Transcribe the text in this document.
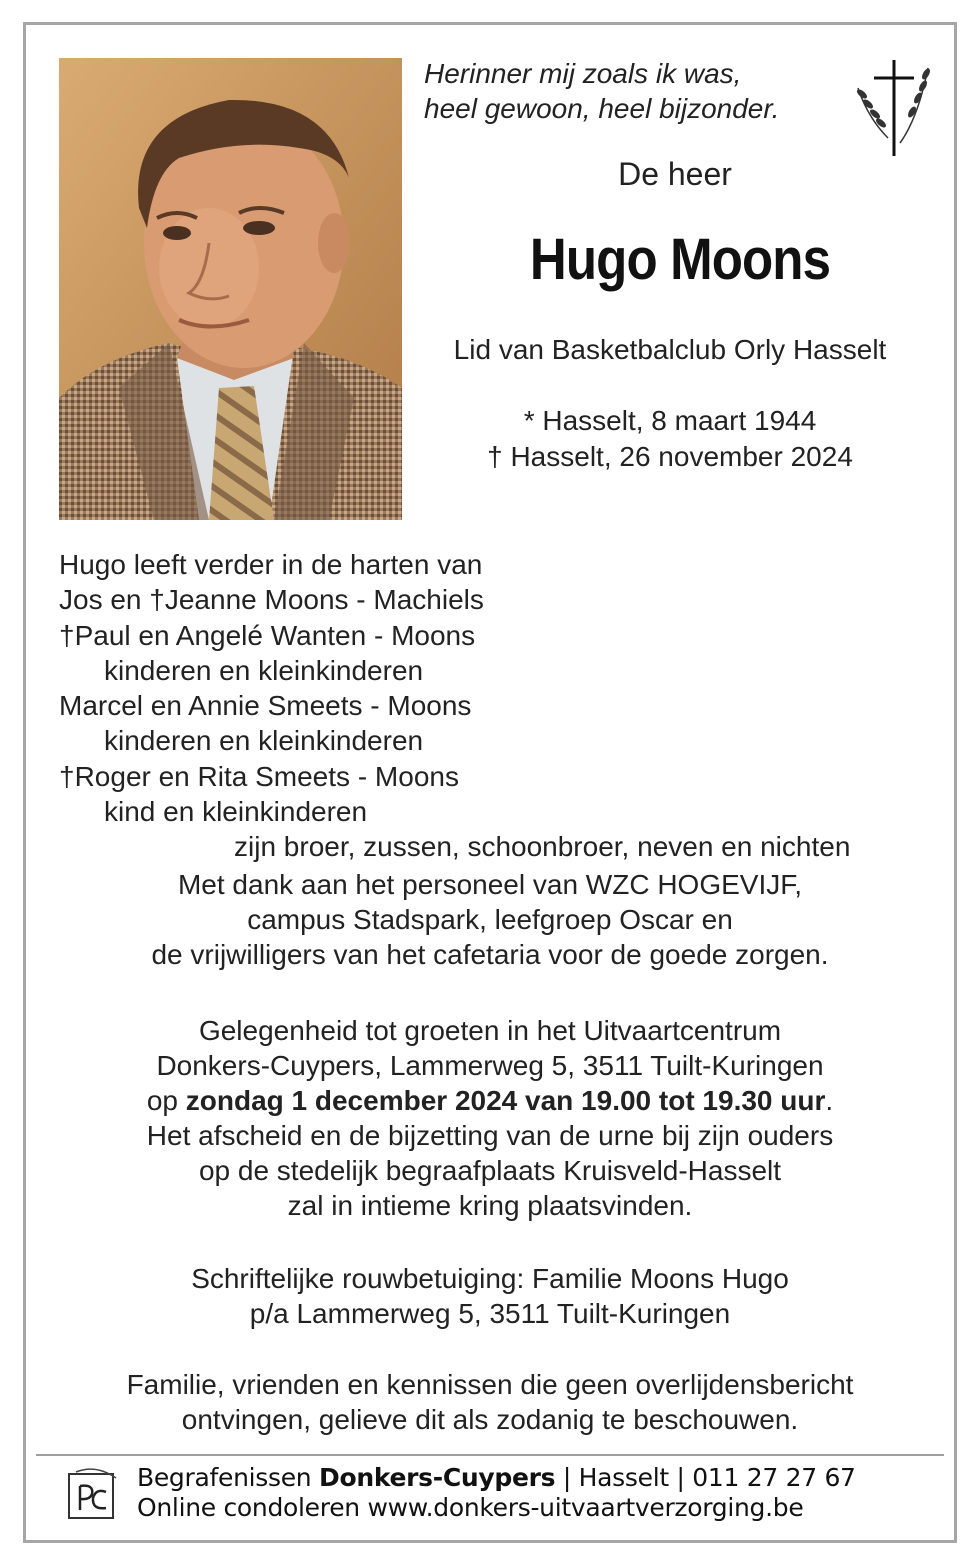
Herinner mij zoals ik was,
heel gewoon, heel bijzonder.
De heer
Hugo Moons
Lid van Basketbalclub Orly Hasselt
* Hasselt, 8 maart 1944
† Hasselt, 26 november 2024
Hugo leeft verder in de harten van
Jos en †Jeanne Moons - Machiels
†Paul en Angelé Wanten - Moons
kinderen en kleinkinderen
Marcel en Annie Smeets - Moons
kinderen en kleinkinderen
†Roger en Rita Smeets - Moons
kind en kleinkinderen
zijn broer, zussen, schoonbroer, neven en nichten
Met dank aan het personeel van WZC HOGEVIJF,
campus Stadspark, leefgroep Oscar en
de vrijwilligers van het cafetaria voor de goede zorgen.
Gelegenheid tot groeten in het Uitvaartcentrum
Donkers-Cuypers, Lammerweg 5, 3511 Tuilt-Kuringen
op zondag 1 december 2024 van 19.00 tot 19.30 uur.
Het afscheid en de bijzetting van de urne bij zijn ouders
op de stedelijk begraafplaats Kruisveld-Hasselt
zal in intieme kring plaatsvinden.
Schriftelijke rouwbetuiging: Familie Moons Hugo
p/a Lammerweg 5, 3511 Tuilt-Kuringen
Familie, vrienden en kennissen die geen overlijdensbericht
ontvingen, gelieve dit als zodanig te beschouwen.
Begrafenissen Donkers-Cuypers | Hasselt | 011 27 27 67
Online condoleren www.donkers-uitvaartverzorging.be
